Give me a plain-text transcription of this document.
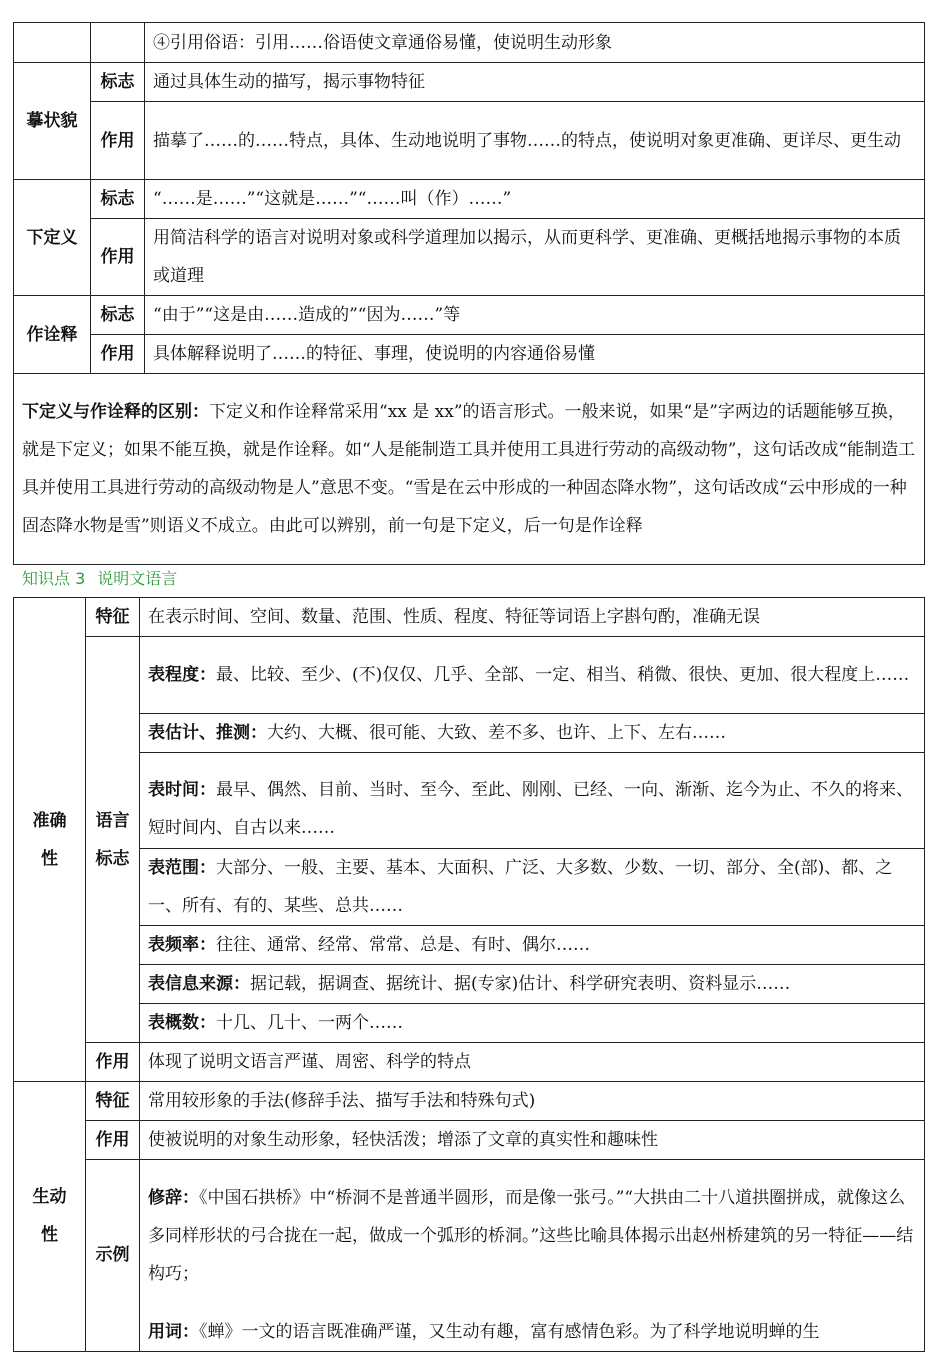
		④引用俗语：引用……俗语使文章通俗易懂，使说明生动形象
摹状貌	标志	通过具体生动的描写，揭示事物特征
	作用	描摹了……的……特点，具体、生动地说明了事物……的特点，使说明对象更准确、更详尽、更生动
下定义	标志	“……是……”“这就是……”“……叫（作）……”
	作用	用简洁科学的语言对说明对象或科学道理加以揭示，从而更科学、更准确、更概括地揭示事物的本质或道理
作诠释	标志	“由于”“这是由……造成的”“因为……”等
	作用	具体解释说明了……的特征、事理，使说明的内容通俗易懂
下定义与作诠释的区别：下定义和作诠释常采用“xx 是 xx”的语言形式。一般来说，如果“是”字两边的话题能够互换，就是下定义；如果不能互换，就是作诠释。如“人是能制造工具并使用工具进行劳动的高级动物”，这句话改成“能制造工具并使用工具进行劳动的高级动物是人”意思不变。“雪是在云中形成的一种固态降水物”，这句话改成“云中形成的一种固态降水物是雪”则语义不成立。由此可以辨别，前一句是下定义，后一句是作诠释		
知识点 3 说明文语言
准确性	特征	在表示时间、空间、数量、范围、性质、程度、特征等词语上字斟句酌，准确无误

	语言标志	表程度：最、比较、至少、(不)仅仅、几乎、全部、一定、相当、稍微、很快、更加、很大程度上……
		表估计、推测：大约、大概、很可能、大致、差不多、也许、上下、左右……

		表时间：最早、偶然、目前、当时、至今、至此、刚刚、已经、一向、渐渐、迄今为止、不久的将来、短时间内、自古以来……
		表范围：大部分、一般、主要、基本、大面积、广泛、大多数、少数、一切、部分、全(部)、都、之一、所有、有的、某些、总共……
		表频率：往往、通常、经常、常常、总是、有时、偶尔……
		表信息来源：据记载，据调查、据统计、据(专家)估计、科学研究表明、资料显示……
		表概数：十几、几十、一两个……
	作用	体现了说明文语言严谨、周密、科学的特点

生动性	特征	常用较形象的手法(修辞手法、描写手法和特殊句式)
	作用	使被说明的对象生动形象，轻快活泼；增添了文章的真实性和趣味性
	示例	修辞：《中国石拱桥》中“桥洞不是普通半圆形，而是像一张弓。”“大拱由二十八道拱圈拼成，就像这么多同样形状的弓合拢在一起，做成一个弧形的桥洞。”这些比喻具体揭示出赵州桥建筑的另一特征——结构巧；
		用词：《蝉》一文的语言既准确严谨，又生动有趣，富有感情色彩。为了科学地说明蝉的生
